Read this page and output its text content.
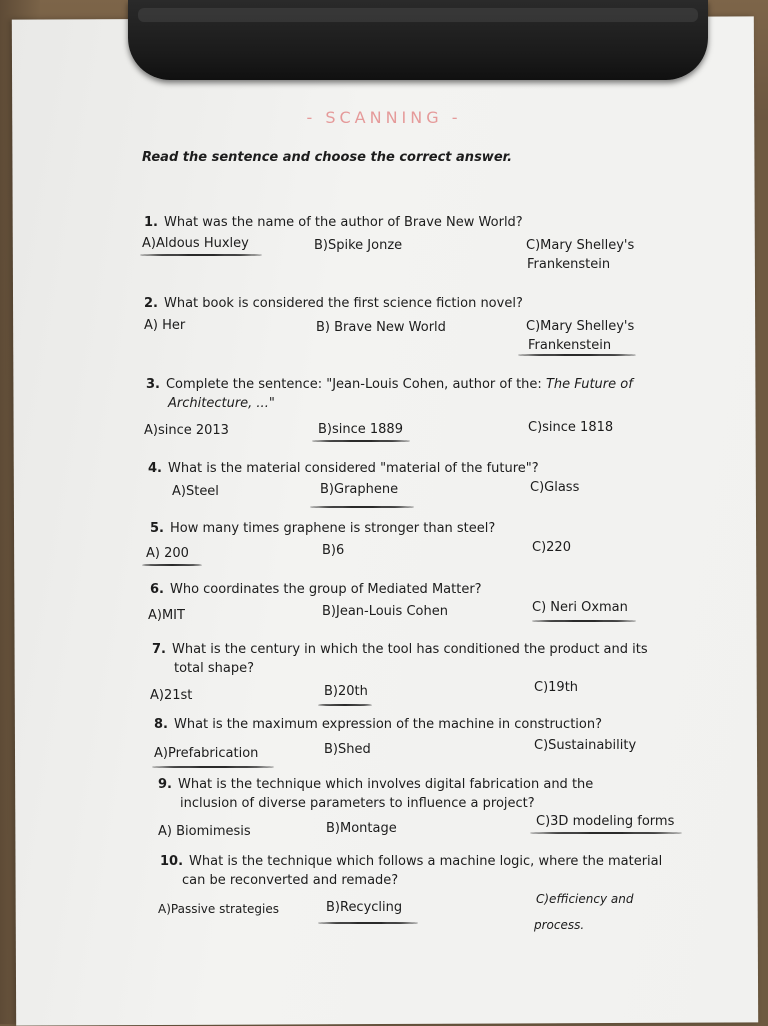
- SCANNING -
Read the sentence and choose the correct answer.
1. What was the name of the author of Brave New World?
A)Aldous Huxley	B)Spike Jonze	C)Mary Shelley's
Frankenstein
2. What book is considered the first science fiction novel?
A) Her	B) Brave New World	C)Mary Shelley's
Frankenstein
3. Complete the sentence: "Jean-Louis Cohen, author of the: The Future of
Architecture, ..."
A)since 2013	B)since 1889	C)since 1818
4. What is the material considered "material of the future"?
A)Steel	B)Graphene	C)Glass
5. How many times graphene is stronger than steel?
A) 200	B)6	C)220
6. Who coordinates the group of Mediated Matter?
A)MIT	B)Jean-Louis Cohen	C) Neri Oxman
7. What is the century in which the tool has conditioned the product and its
total shape?
A)21st	B)20th	C)19th
8. What is the maximum expression of the machine in construction?
A)Prefabrication	B)Shed	C)Sustainability
9. What is the technique which involves digital fabrication and the
inclusion of diverse parameters to influence a project?
A) Biomimesis	B)Montage	C)3D modeling forms
10. What is the technique which follows a machine logic, where the material
can be reconverted and remade?
A)Passive strategies	B)Recycling
C)efficiency and
process.
